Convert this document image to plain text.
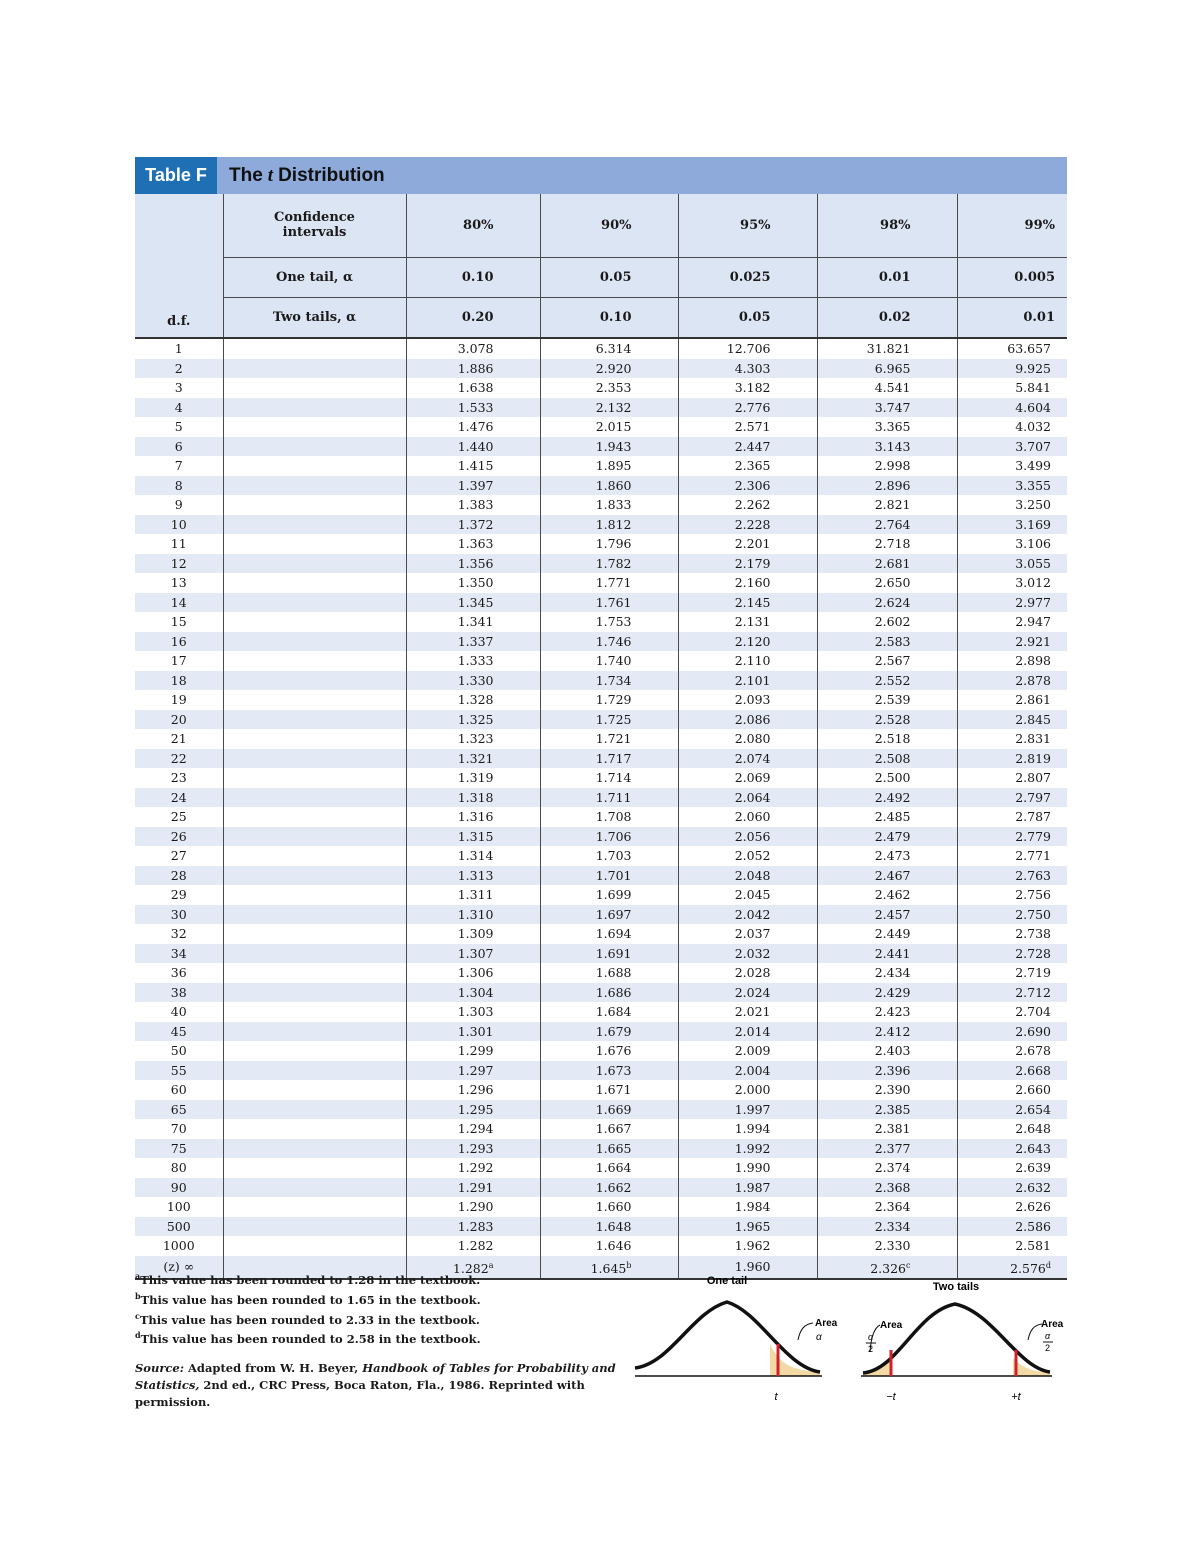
Table F	The t Distribution

	Confidence intervals	80%	90%	95%	98%	99%
	One tail, α	0.10	0.05	0.025	0.01	0.005
d.f.	Two tails, α	0.20	0.10	0.05	0.02	0.01
1		3.078	6.314	12.706	31.821	63.657
2		1.886	2.920	4.303	6.965	9.925
3		1.638	2.353	3.182	4.541	5.841
4		1.533	2.132	2.776	3.747	4.604
5		1.476	2.015	2.571	3.365	4.032
6		1.440	1.943	2.447	3.143	3.707
7		1.415	1.895	2.365	2.998	3.499
8		1.397	1.860	2.306	2.896	3.355
9		1.383	1.833	2.262	2.821	3.250
10		1.372	1.812	2.228	2.764	3.169
11		1.363	1.796	2.201	2.718	3.106
12		1.356	1.782	2.179	2.681	3.055
13		1.350	1.771	2.160	2.650	3.012
14		1.345	1.761	2.145	2.624	2.977
15		1.341	1.753	2.131	2.602	2.947
16		1.337	1.746	2.120	2.583	2.921
17		1.333	1.740	2.110	2.567	2.898
18		1.330	1.734	2.101	2.552	2.878
19		1.328	1.729	2.093	2.539	2.861
20		1.325	1.725	2.086	2.528	2.845
21		1.323	1.721	2.080	2.518	2.831
22		1.321	1.717	2.074	2.508	2.819
23		1.319	1.714	2.069	2.500	2.807
24		1.318	1.711	2.064	2.492	2.797
25		1.316	1.708	2.060	2.485	2.787
26		1.315	1.706	2.056	2.479	2.779
27		1.314	1.703	2.052	2.473	2.771
28		1.313	1.701	2.048	2.467	2.763
29		1.311	1.699	2.045	2.462	2.756
30		1.310	1.697	2.042	2.457	2.750
32		1.309	1.694	2.037	2.449	2.738
34		1.307	1.691	2.032	2.441	2.728
36		1.306	1.688	2.028	2.434	2.719
38		1.304	1.686	2.024	2.429	2.712
40		1.303	1.684	2.021	2.423	2.704
45		1.301	1.679	2.014	2.412	2.690
50		1.299	1.676	2.009	2.403	2.678
55		1.297	1.673	2.004	2.396	2.668
60		1.296	1.671	2.000	2.390	2.660
65		1.295	1.669	1.997	2.385	2.654
70		1.294	1.667	1.994	2.381	2.648
75		1.293	1.665	1.992	2.377	2.643
80		1.292	1.664	1.990	2.374	2.639
90		1.291	1.662	1.987	2.368	2.632
100		1.290	1.660	1.984	2.364	2.626
500		1.283	1.648	1.965	2.334	2.586
1000		1.282	1.646	1.962	2.330	2.581
(z) ∞		1.282$^a$	1.645$^b$	1.960	2.326$^c$	2.576$^d$

$^a$This value has been rounded to 1.28 in the textbook.

$^b$This value has been rounded to 1.65 in the textbook.

$^c$This value has been rounded to 2.33 in the textbook.

$^d$This value has been rounded to 2.58 in the textbook.

Source: Adapted from W. H. Beyer, Handbook of Tables for Probability and Statistics, 2nd ed., CRC Press, Boca Raton, Fla., 1986. Reprinted with permission.

One tail
Area
α
t
Two tails
Area
α
2
Area
α
2
−t	+t
